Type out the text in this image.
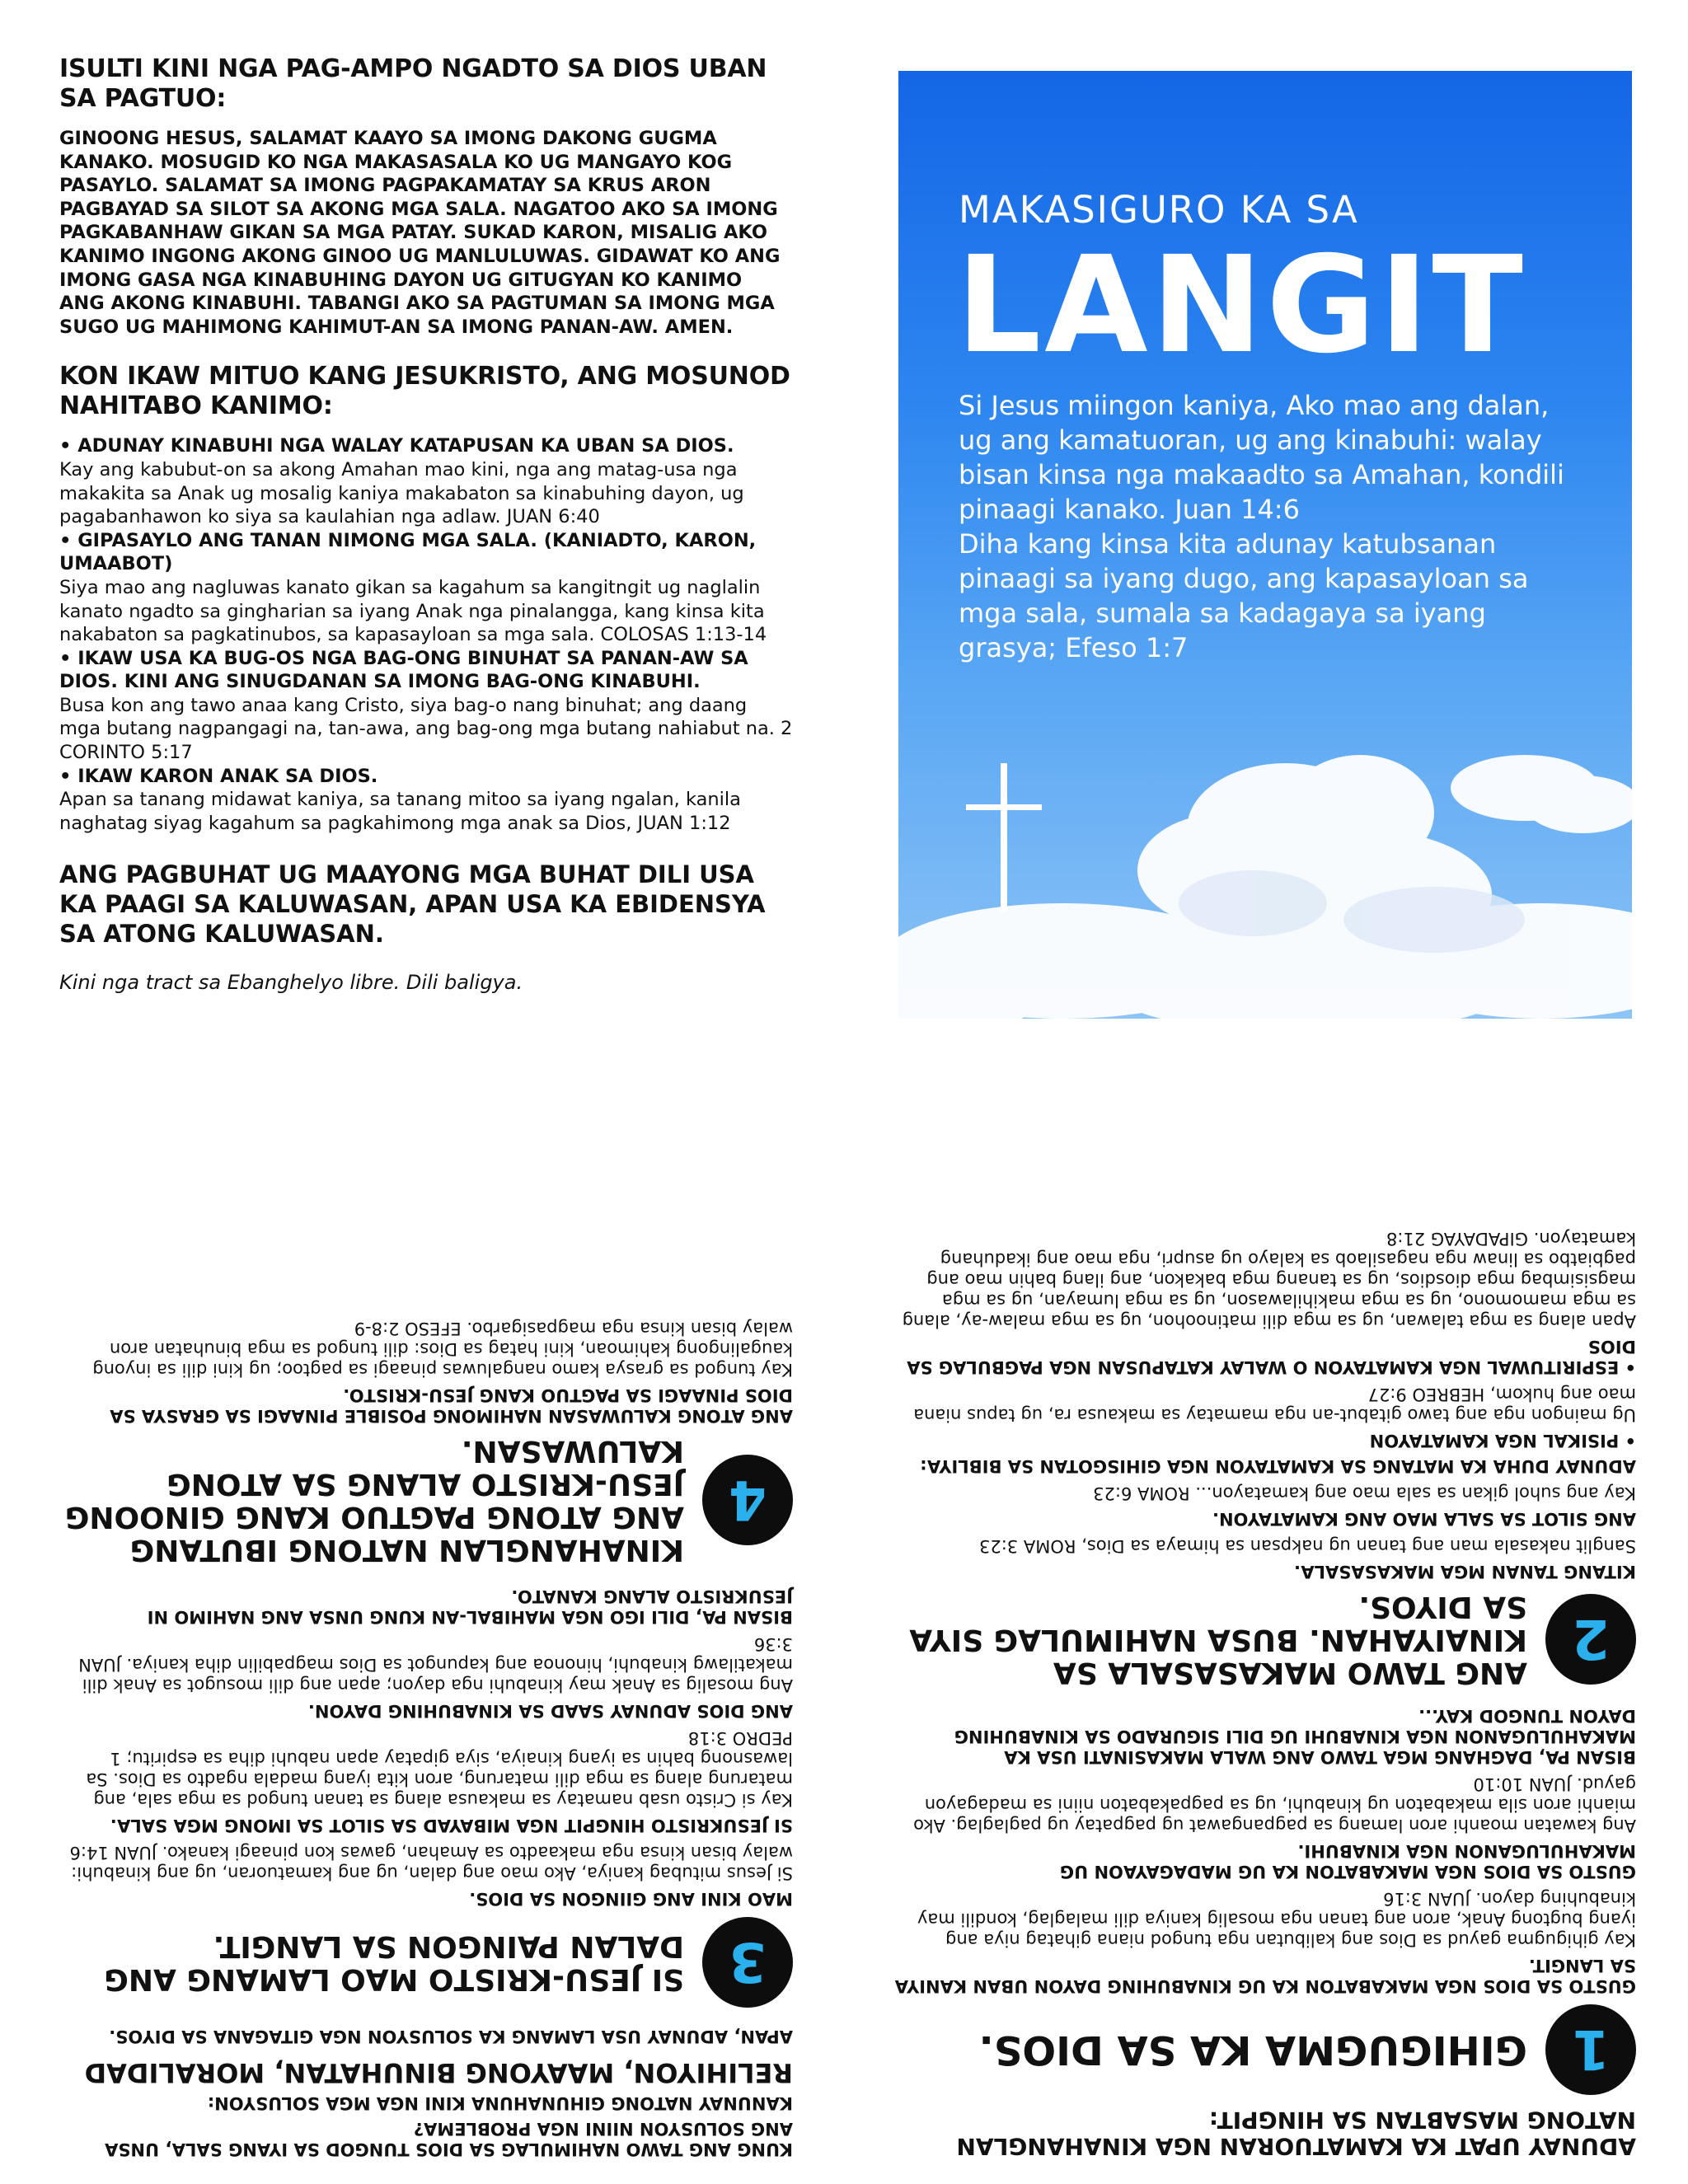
ISULTI KINI NGA PAG-AMPO NGADTO SA DIOS UBAN SA PAGTUO:

GINOONG HESUS, SALAMAT KAAYO SA IMONG DAKONG GUGMA KANAKO. MOSUGID KO NGA MAKASASALA KO UG MANGAYO KOG PASAYLO. SALAMAT SA IMONG PAGPAKAMATAY SA KRUS ARON PAGBAYAD SA SILOT SA AKONG MGA SALA. NAGATOO AKO SA IMONG PAGKABANHAW GIKAN SA MGA PATAY. SUKAD KARON, MISALIG AKO KANIMO INGONG AKONG GINOO UG MANLULUWAS. GIDAWAT KO ANG IMONG GASA NGA KINABUHING DAYON UG GITUGYAN KO KANIMO ANG AKONG KINABUHI. TABANGI AKO SA PAGTUMAN SA IMONG MGA SUGO UG MAHIMONG KAHIMUT-AN SA IMONG PANAN-AW. AMEN.

KON IKAW MITUO KANG JESUKRISTO, ANG MOSUNOD NAHITABO KANIMO:
• ADUNAY KINABUHI NGA WALAY KATAPUSAN KA UBAN SA DIOS.
Kay ang kabubut-on sa akong Amahan mao kini, nga ang matag-usa nga makakita sa Anak ug mosalig kaniya makabaton sa kinabuhing dayon, ug pagabanhawon ko siya sa kaulahian nga adlaw. JUAN 6:40
• GIPASAYLO ANG TANAN NIMONG MGA SALA. (KANIADTO, KARON, UMAABOT)
Siya mao ang nagluwas kanato gikan sa kagahum sa kangitngit ug naglalin kanato ngadto sa gingharian sa iyang Anak nga pinalangga, kang kinsa kita nakabaton sa pagkatinubos, sa kapasayloan sa mga sala. COLOSAS 1:13-14
• IKAW USA KA BUG-OS NGA BAG-ONG BINUHAT SA PANAN-AW SA DIOS. KINI ANG SINUGDANAN SA IMONG BAG-ONG KINABUHI.
Busa kon ang tawo anaa kang Cristo, siya bag-o nang binuhat; ang daang mga butang nagpangagi na, tan-awa, ang bag-ong mga butang nahiabut na. 2 CORINTO 5:17
• IKAW KARON ANAK SA DIOS.
Apan sa tanang midawat kaniya, sa tanang mitoo sa iyang ngalan, kanila naghatag siyag kagahum sa pagkahimong mga anak sa Dios, JUAN 1:12
ANG PAGBUHAT UG MAAYONG MGA BUHAT DILI USA KA PAAGI SA KALUWASAN, APAN USA KA EBIDENSYA SA ATONG KALUWASAN.
Kini nga tract sa Ebanghelyo libre. Dili baligya.
MAKASIGURO KA SA
LANGIT

Si Jesus miingon kaniya, Ako mao ang dalan, ug ang kamatuoran, ug ang kinabuhi: walay bisan kinsa nga makaadto sa Amahan, kondili pinaagi kanako. Juan 14:6

Diha kang kinsa kita adunay katubsanan pinaagi sa iyang dugo, ang kapasayloan sa mga sala, sumala sa kadagaya sa iyang grasya; Efeso 1:7

KUNG ANG TAWO NAHIMULAG SA DIOS TUNGOD SA IYANG SALA, UNSA ANG SOLUSYON NIINI NGA PROBLEMA?

KANUNAY NATONG GIHUNAHUNA KINI NGA MGA SOLUSYON:

RELIHIYON, MAAYONG BINUHATAN, MORALIDAD

APAN, ADUNAY USA LAMANG KA SOLUSYON NGA GITAGANA SA DIYOS.

3
SI JESU-KRISTO MAO LAMANG ANG DALAN PAINGON SA LANGIT.

MAO KINI ANG GIINGON SA DIOS.

Si Jesus mitubag kaniya, Ako mao ang dalan, ug ang kamatuoran, ug ang kinabuhi: walay bisan kinsa nga makaadto sa Amahan, gawas kon pinaagi kanako. JUAN 14:6

SI JESUKRISTO HINGPIT NGA MIBAYAD SA SILOT SA IMONG MGA SALA.

Kay si Cristo usab namatay sa makausa alang sa tanan tungod sa mga sala, ang matarung alang sa mga dili matarung, aron kita iyang madala ngadto sa Dios. Sa lawasnong bahin sa iyang kinaiya, siya gipatay apan nabuhi diha sa espiritu; 1 PEDRO 3:18

ANG DIOS ADUNAY SAAD SA KINABUHING DAYON.

Ang mosalig sa Anak may kinabuhi nga dayon; apan ang dili mosugot sa Anak dili makatilawg kinabuhi, hinonoa ang kapungot sa Dios magpabilin diha kaniya. JUAN 3:36

BISAN PA, DILI IGO NGA MAHIBAL-AN KUNG UNSA ANG NAHIMO NI JESUKRISTO ALANG KANATO.

4
KINAHANGLAN NATONG IBUTANG ANG ATONG PAGTUO KANG GINOONG JESU-KRISTO ALANG SA ATONG KALUWASAN.

ANG ATONG KALUWASAN NAHIMONG POSIBLE PINAAGI SA GRASYA SA DIOS PINAAGI SA PAGTUO KANG JESU-KRISTO.

Kay tungod sa grasya kamo nangaluwas pinaagi sa pagtoo; ug kini dili sa inyong kaugalingong kahimoan, kini hatag sa Dios: dili tungod sa mga binuhatan aron walay bisan kinsa nga magpasigarbo. EFESO 2:8-9

ADUNAY UPAT KA KAMATUORAN NGA KINAHANGLAN NATONG MASABTAN SA HINGPIT:
1
GIHIGUGMA KA SA DIOS.

GUSTO SA DIOS NGA MAKABATON KA UG KINABUHING DAYON UBAN KANIYA SA LANGIT.

Kay gihigugma gayud sa Dios ang kalibutan nga tungod niana gihatag niya ang iyang bugtong Anak, aron ang tanan nga mosalig kaniya dili malaglag, kondili may kinabuhing dayon. JUAN 3:16

GUSTO SA DIOS NGA MAKABATON KA UG MADAGAYAON UG MAKAHULUGANON NGA KINABUHI.

Ang kawatan moanhi aron lamang sa pagpangawat ug pagpatay ug paglaglag. Ako mianhi aron sila makabaton ug kinabuhi, ug sa pagpakabaton niini sa madagayon gayud. JUAN 10:10

BISAN PA, DAGHANG MGA TAWO ANG WALA MAKASINATI USA KA MAKAHULUGANON NGA KINABUHI UG DILI SIGURADO SA KINABUHING DAYON TUNGOD KAY...

2
ANG TAWO MAKASASALA SA KINAIYAHAN. BUSA NAHIMULAG SIYA SA DIYOS.

KITANG TANAN MGA MAKASASALA.

Sanglit nakasala man ang tanan ug nakpsan sa himaya sa Dios, ROMA 3:23

ANG SILOT SA SALA MAO ANG KAMATAYON.

Kay ang suhol gikan sa sala mao ang kamatayon... ROMA 6:23

ADUNAY DUHA KA MATANG SA KAMATAYON NGA GIHISGOTAN SA BIBLIYA:

• PISIKAL NGA KAMATAYON

Ug maingon nga ang tawo gitabut-an nga mamatay sa makausa ra, ug tapus niana mao ang hukom, HEBREO 9:27

• ESPIRITUWAL NGA KAMATAYON O WALAY KATAPUSAN NGA PAGBULAG SA DIOS

Apan alang sa mga talawan, ug sa mga dili matinoohon, ug sa mga malaw-ay, alang sa mga mamomono, ug sa mga makihilawason, ug sa mga lumayan, ug sa mga magsisimbag mga diosdios, ug sa tanang mga bakakon, ang ilang bahin mao ang pagbiatbo sa linaw nga nagasilaob sa kalayo ug asupri, nga mao ang ikaduhang kamatayon. GIPADAYAG 21:8
